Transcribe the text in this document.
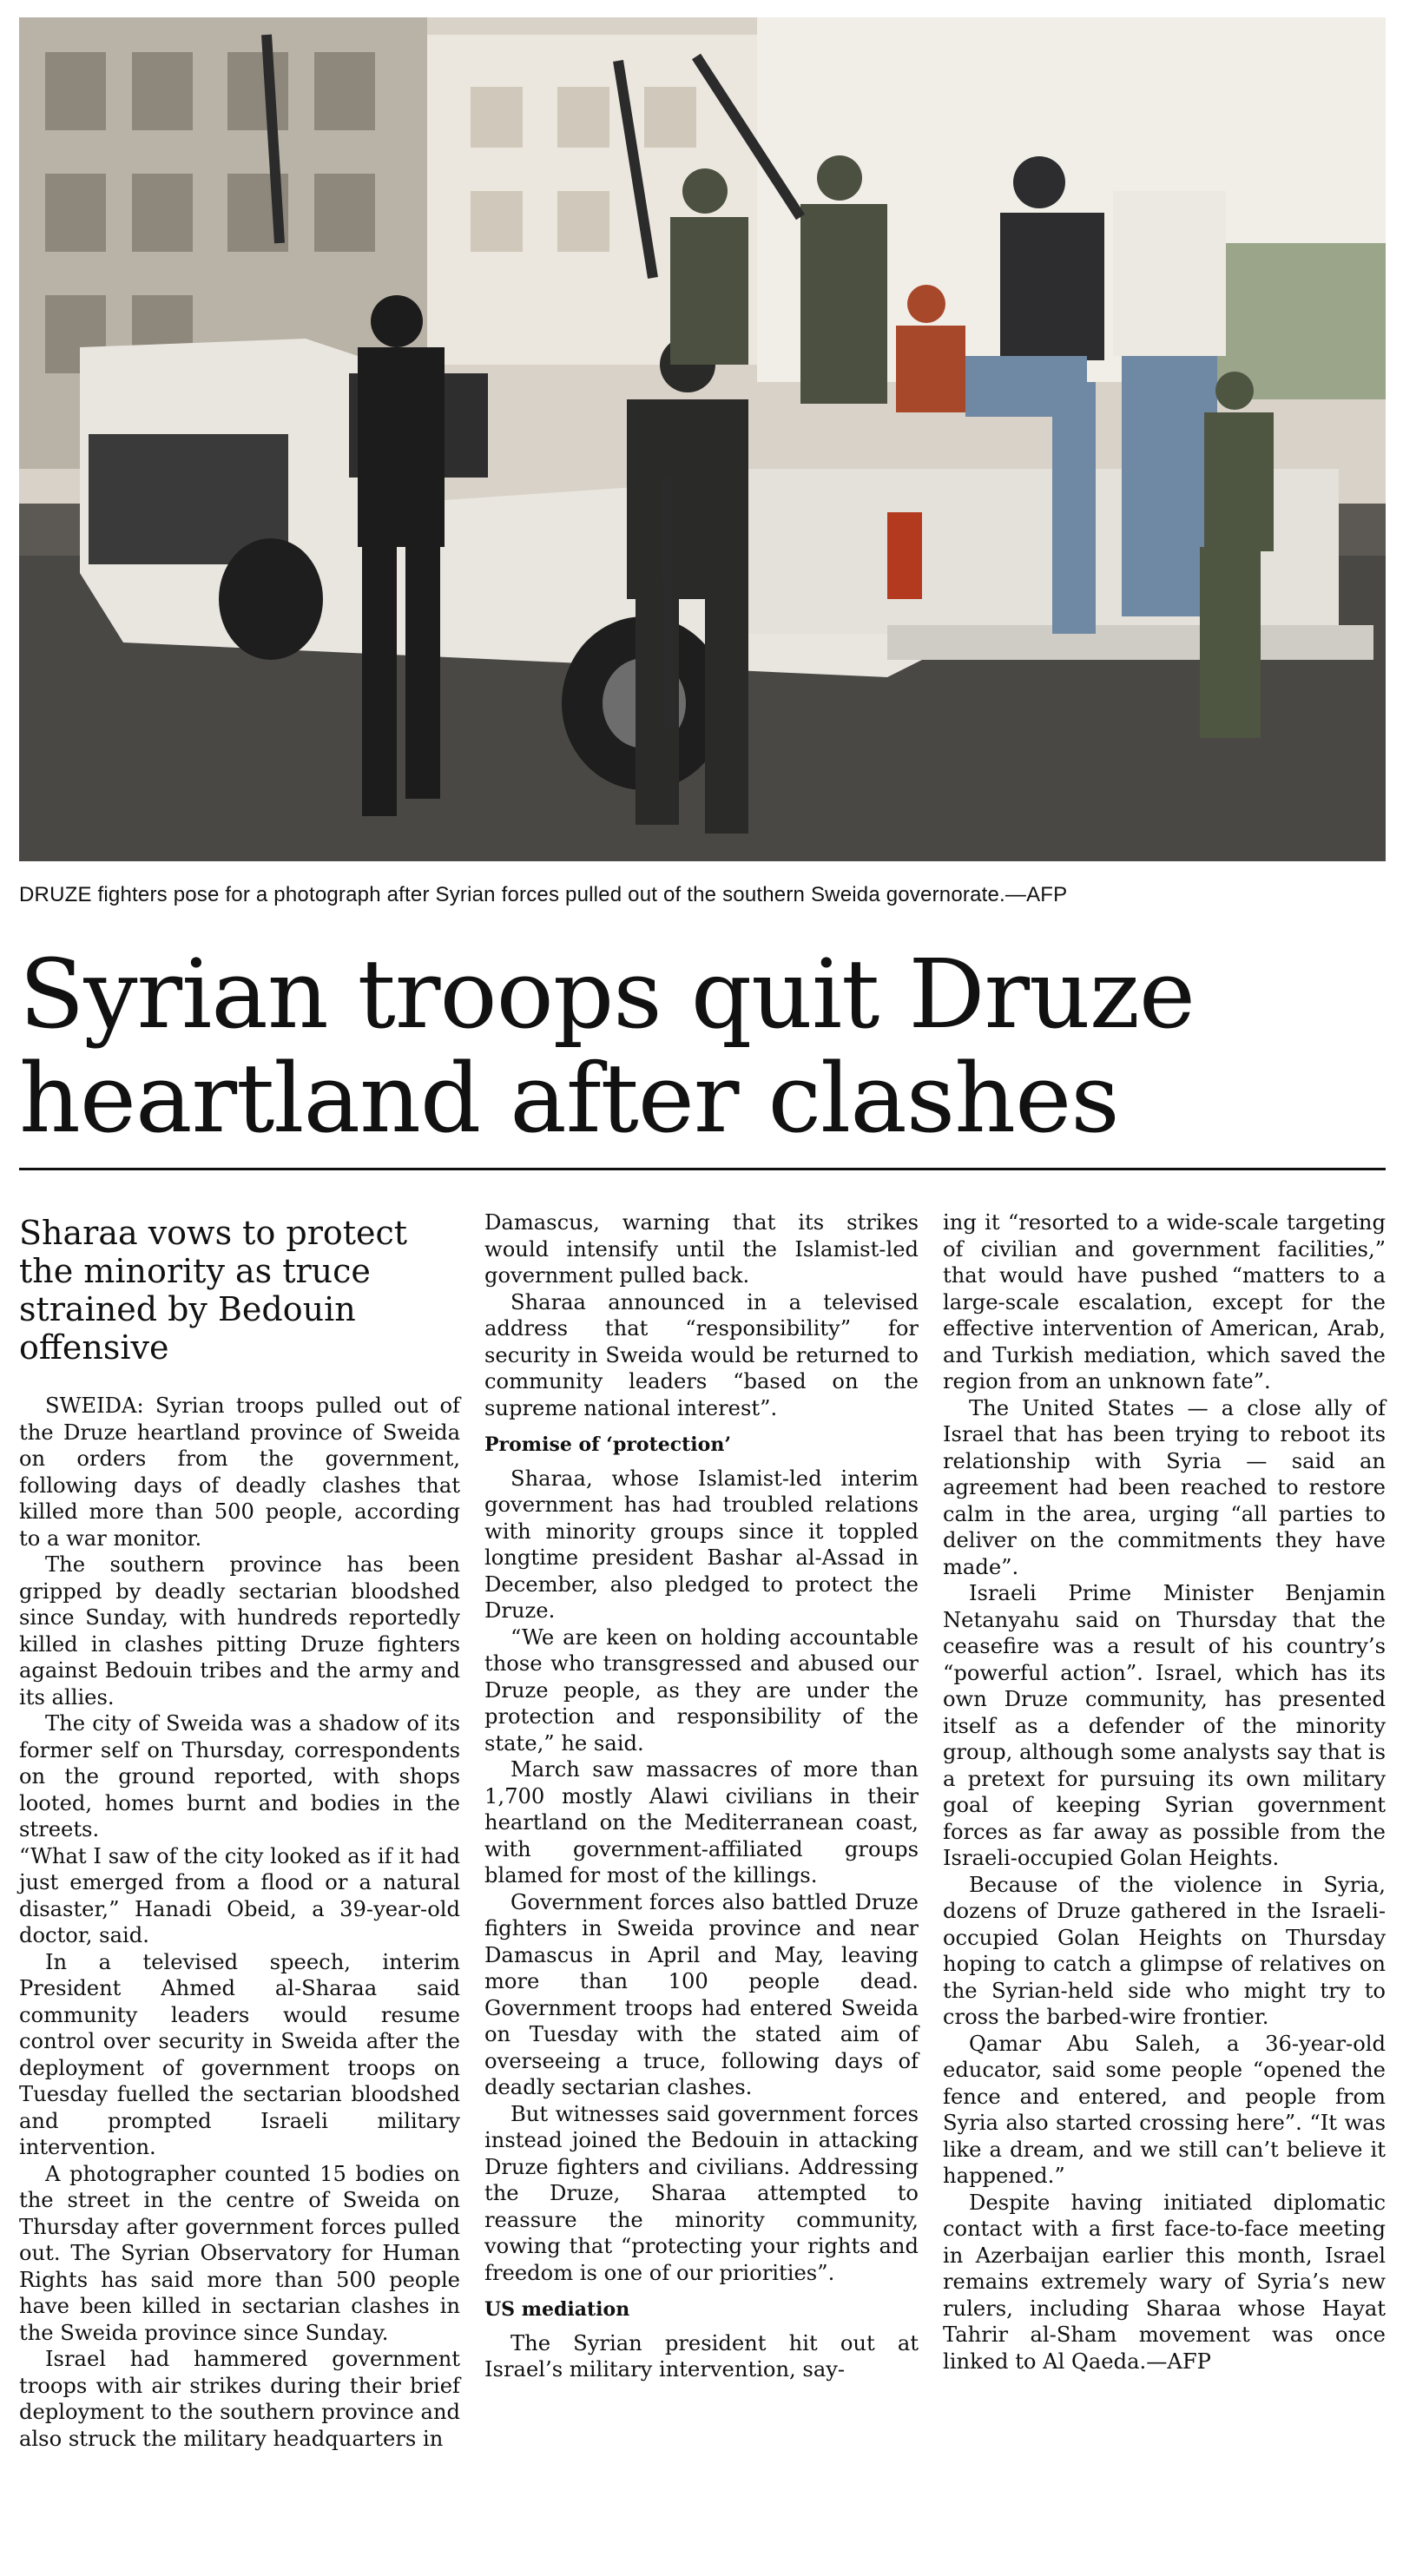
DRUZE fighters pose for a photograph after Syrian forces pulled out of the southern Sweida governorate.—AFP
Syrian troops quit Druze
heartland after clashes
Sharaa vows to protect the minority as truce strained by Bedouin offensive

SWEIDA: Syrian troops pulled out of the Druze heartland province of Sweida on orders from the government, following days of deadly clashes that killed more than 500 people, according to a war monitor.

The southern province has been gripped by deadly sectarian bloodshed since Sunday, with hundreds reportedly killed in clashes pitting Druze fighters against Bedouin tribes and the army and its allies.

The city of Sweida was a shadow of its former self on Thursday, correspondents on the ground reported, with shops looted, homes burnt and bodies in the streets.

“What I saw of the city looked as if it had just emerged from a flood or a natural disaster,” Hanadi Obeid, a 39-year-old doctor, said.

In a televised speech, interim President Ahmed al-Sharaa said community leaders would resume control over security in Sweida after the deployment of government troops on Tuesday fuelled the sectarian bloodshed and prompted Israeli military intervention.

A photographer counted 15 bodies on the street in the centre of Sweida on Thursday after government forces pulled out. The Syrian Observatory for Human Rights has said more than 500 people have been killed in sectarian clashes in the Sweida province since Sunday.

Israel had hammered government troops with air strikes during their brief deployment to the southern province and also struck the military headquarters in

Damascus, warning that its strikes would intensify until the Islamist-led government pulled back.

Sharaa announced in a televised address that “responsibility” for security in Sweida would be returned to community leaders “based on the supreme national interest”.

Promise of ‘protection’

Sharaa, whose Islamist-led interim government has had troubled relations with minority groups since it toppled longtime president Bashar al-Assad in December, also pledged to protect the Druze.

“We are keen on holding accountable those who transgressed and abused our Druze people, as they are under the protection and responsibility of the state,” he said.

March saw massacres of more than 1,700 mostly Alawi civilians in their heartland on the Mediterranean coast, with government-affiliated groups blamed for most of the killings.

Government forces also battled Druze fighters in Sweida province and near Damascus in April and May, leaving more than 100 people dead. Government troops had entered Sweida on Tuesday with the stated aim of overseeing a truce, following days of deadly sectarian clashes.

But witnesses said government forces instead joined the Bedouin in attacking Druze fighters and civilians. Addressing the Druze, Sharaa attempted to reassure the minority community, vowing that “protecting your rights and freedom is one of our priorities”.

US mediation

The Syrian president hit out at Israel’s military intervention, say-

ing it “resorted to a wide-scale targeting of civilian and government facilities,” that would have pushed “matters to a large-scale escalation, except for the effective intervention of American, Arab, and Turkish mediation, which saved the region from an unknown fate”.

The United States — a close ally of Israel that has been trying to reboot its relationship with Syria — said an agreement had been reached to restore calm in the area, urging “all parties to deliver on the commitments they have made”.

Israeli Prime Minister Benjamin Netanyahu said on Thursday that the ceasefire was a result of his country’s “powerful action”. Israel, which has its own Druze community, has presented itself as a defender of the minority group, although some analysts say that is a pretext for pursuing its own military goal of keeping Syrian government forces as far away as possible from the Israeli-occupied Golan Heights.

Because of the violence in Syria, dozens of Druze gathered in the Israeli-occupied Golan Heights on Thursday hoping to catch a glimpse of relatives on the Syrian-held side who might try to cross the barbed-wire frontier.

Qamar Abu Saleh, a 36-year-old educator, said some people “opened the fence and entered, and people from Syria also started crossing here”. “It was like a dream, and we still can’t believe it happened.”

Despite having initiated diplomatic contact with a first face-to-face meeting in Azerbaijan earlier this month, Israel remains extremely wary of Syria’s new rulers, including Sharaa whose Hayat Tahrir al-Sham movement was once linked to Al Qaeda.—AFP
